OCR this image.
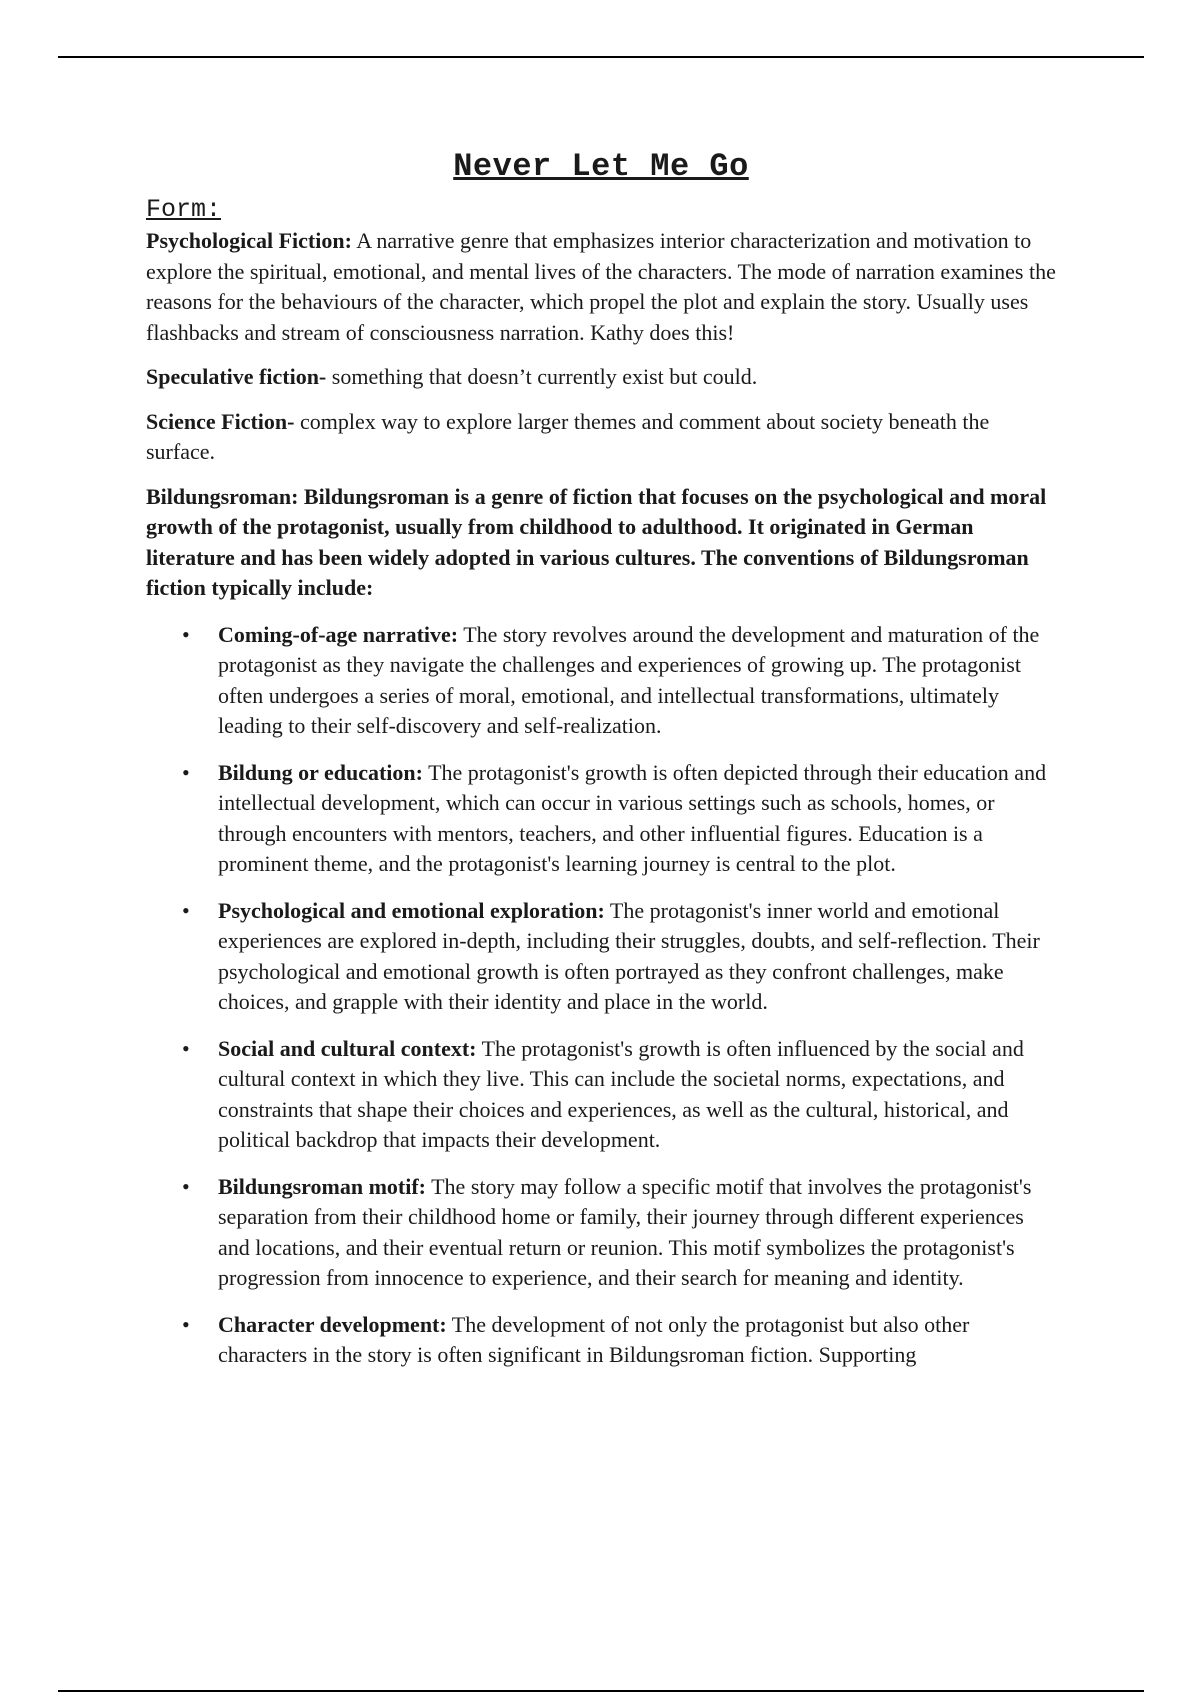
Never Let Me Go
Form:

Psychological Fiction: A narrative genre that emphasizes interior characterization and motivation to explore the spiritual, emotional, and mental lives of the characters. The mode of narration examines the reasons for the behaviours of the character, which propel the plot and explain the story. Usually uses flashbacks and stream of consciousness narration. Kathy does this!

Speculative fiction- something that doesn’t currently exist but could.

Science Fiction- complex way to explore larger themes and comment about society beneath the surface.

Bildungsroman: Bildungsroman is a genre of fiction that focuses on the psychological and moral growth of the protagonist, usually from childhood to adulthood. It originated in German literature and has been widely adopted in various cultures. The conventions of Bildungsroman fiction typically include:

• Coming-of-age narrative: The story revolves around the development and maturation of the protagonist as they navigate the challenges and experiences of growing up. The protagonist often undergoes a series of moral, emotional, and intellectual transformations, ultimately leading to their self-discovery and self-realization.
• Bildung or education: The protagonist's growth is often depicted through their education and intellectual development, which can occur in various settings such as schools, homes, or through encounters with mentors, teachers, and other influential figures. Education is a prominent theme, and the protagonist's learning journey is central to the plot.
• Psychological and emotional exploration: The protagonist's inner world and emotional experiences are explored in-depth, including their struggles, doubts, and self-reflection. Their psychological and emotional growth is often portrayed as they confront challenges, make choices, and grapple with their identity and place in the world.
• Social and cultural context: The protagonist's growth is often influenced by the social and cultural context in which they live. This can include the societal norms, expectations, and constraints that shape their choices and experiences, as well as the cultural, historical, and political backdrop that impacts their development.
• Bildungsroman motif: The story may follow a specific motif that involves the protagonist's separation from their childhood home or family, their journey through different experiences and locations, and their eventual return or reunion. This motif symbolizes the protagonist's progression from innocence to experience, and their search for meaning and identity.
• Character development: The development of not only the protagonist but also other characters in the story is often significant in Bildungsroman fiction. Supporting
